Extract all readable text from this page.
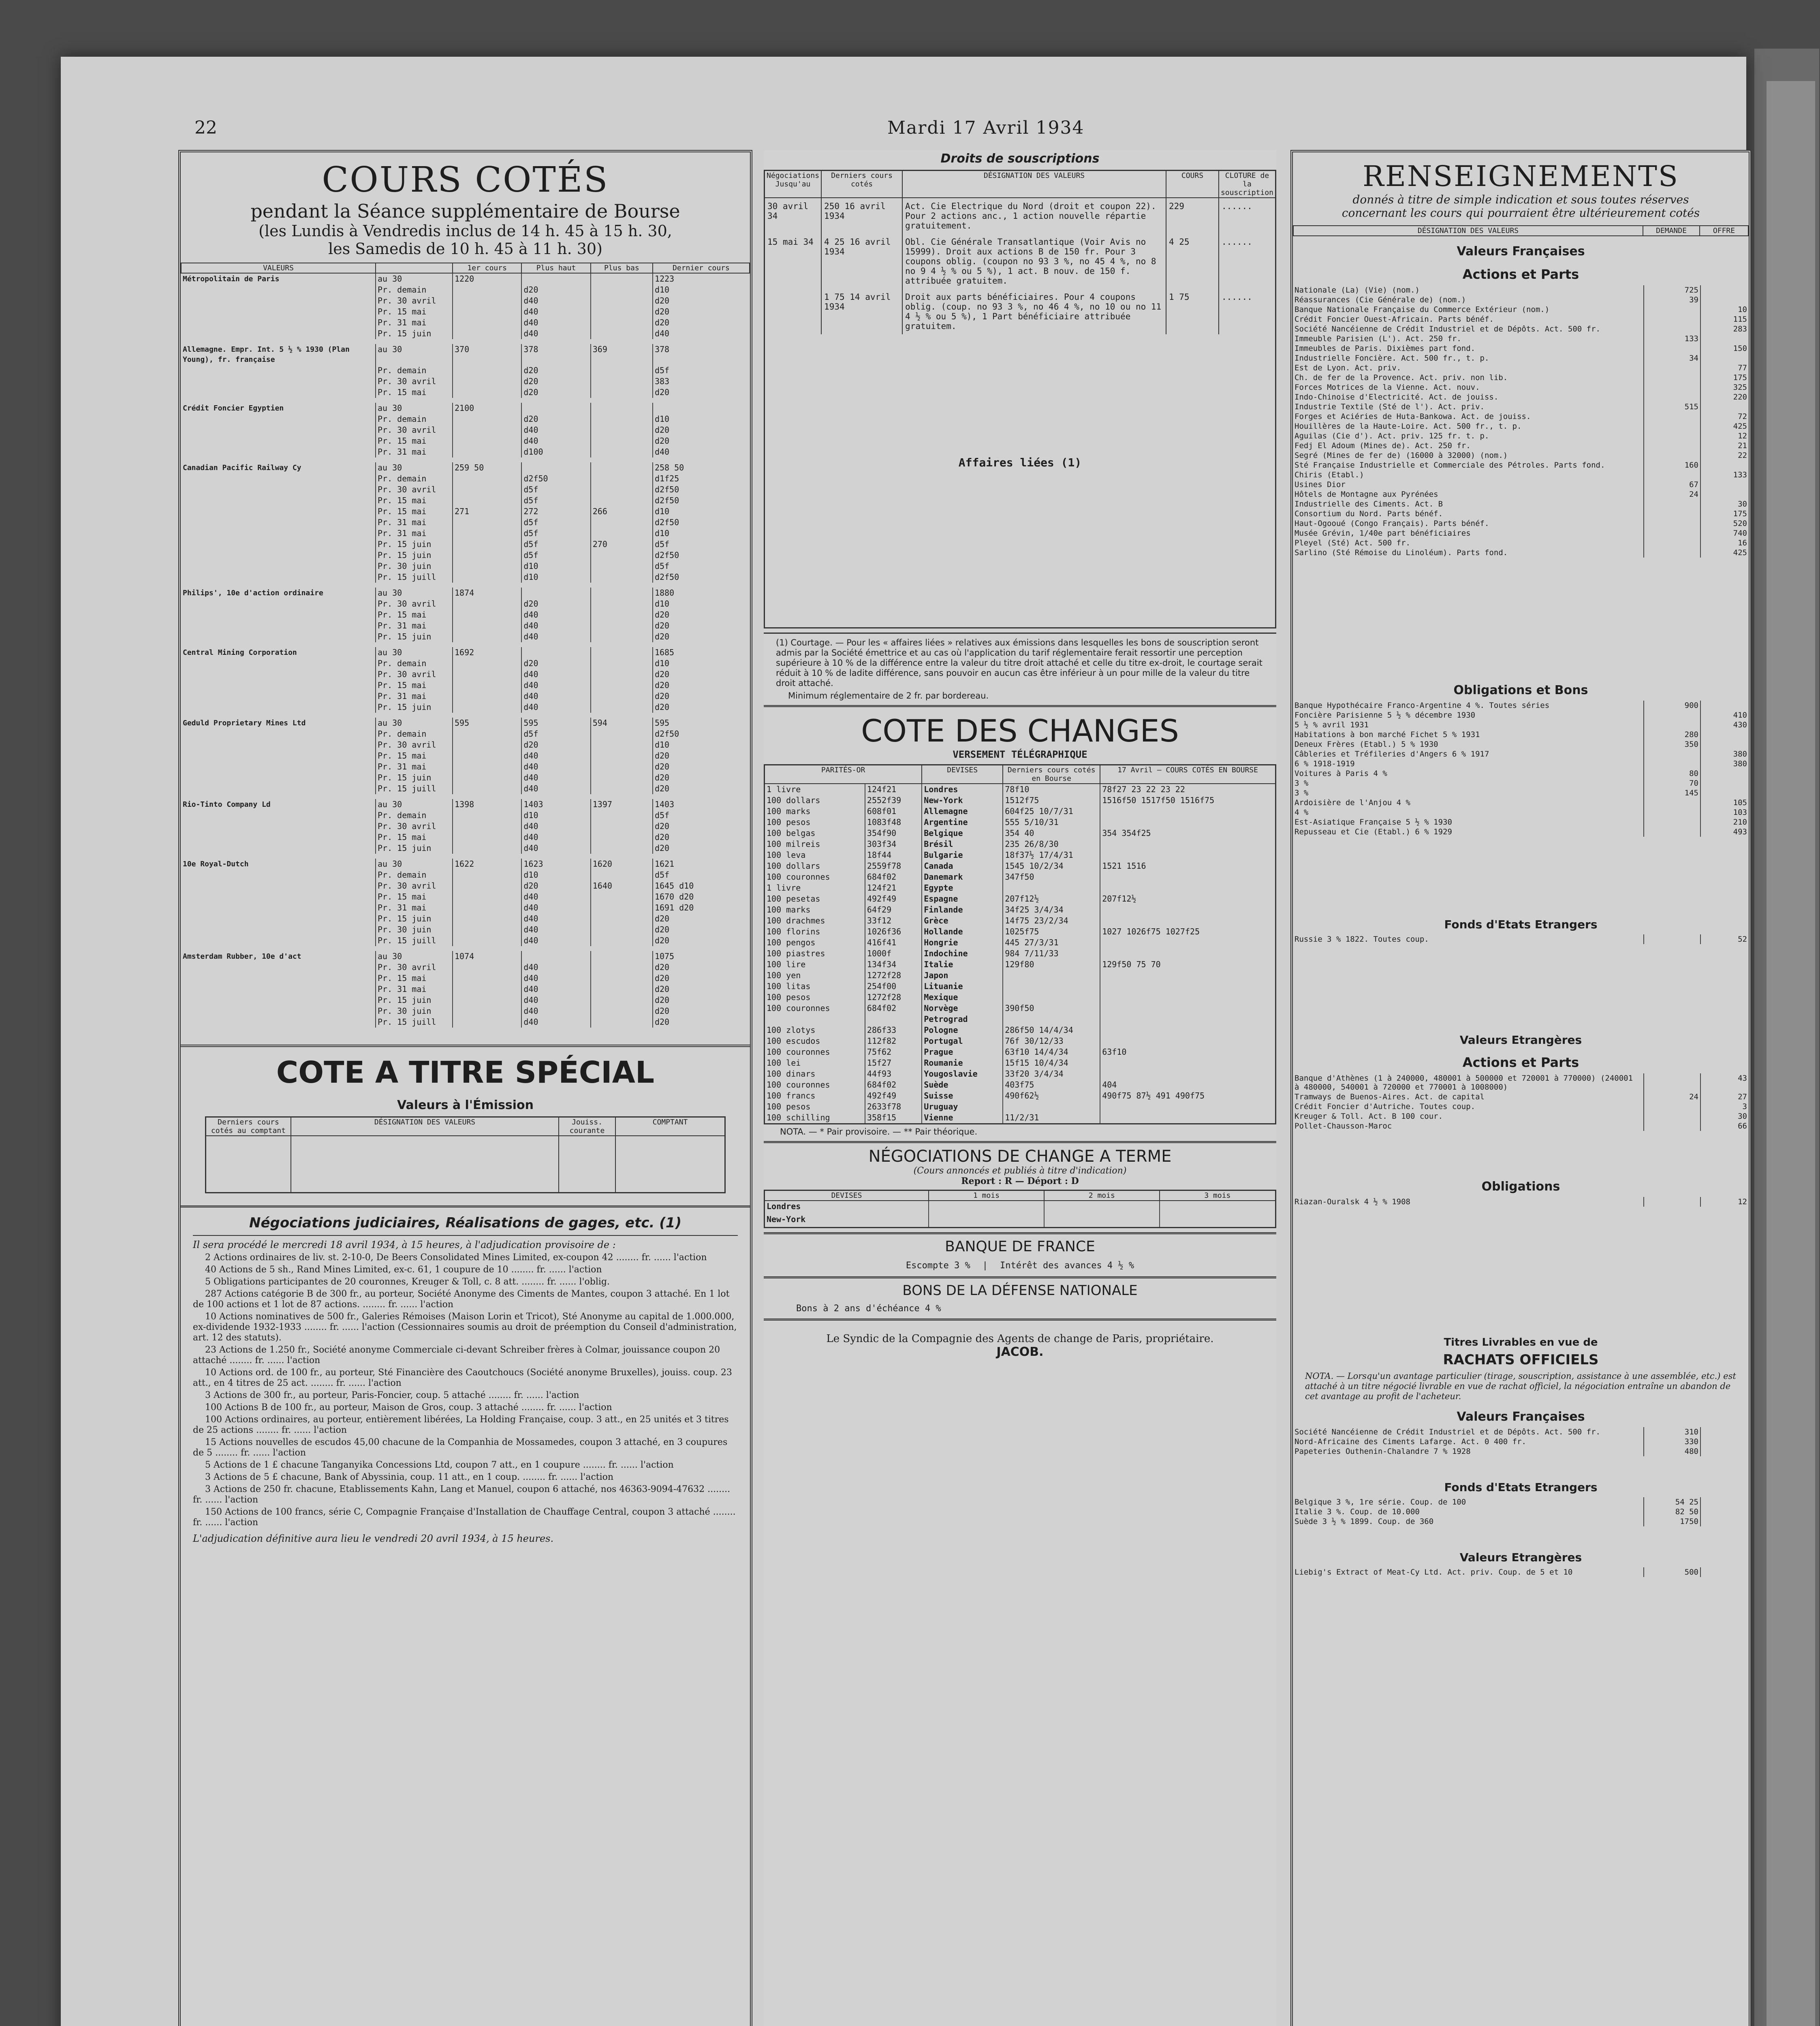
22	Mardi 17 Avril 1934
COURS COTÉS
pendant la Séance supplémentaire de Bourse
(les Lundis à Vendredis inclus de 14 h. 45 à 15 h. 30,
les Samedis de 10 h. 45 à 11 h. 30)
VALEURS		1er cours	Plus haut	Plus bas	Dernier cours
Métropolitain de Paris	au 30	1220			1223
	Pr. demain		d20		d10
	Pr. 30 avril		d40		d20
	Pr. 15 mai		d40		d20
	Pr. 31 mai		d40		d20
	Pr. 15 juin		d40		d40

Allemagne. Empr. Int. 5 ½ % 1930 (Plan Young), fr. française	au 30	370	378	369	378
	Pr. demain		d20		d5f
	Pr. 30 avril		d20		383
	Pr. 15 mai		d20		d20

Crédit Foncier Egyptien	au 30	2100			
	Pr. demain		d20		d10
	Pr. 30 avril		d40		d20
	Pr. 15 mai		d40		d20
	Pr. 31 mai		d100		d40

Canadian Pacific Railway Cy	au 30	259 50			258 50
	Pr. demain		d2f50		d1f25
	Pr. 30 avril		d5f		d2f50
	Pr. 15 mai		d5f		d2f50
	Pr. 15 mai	271	272	266	d10
	Pr. 31 mai		d5f		d2f50
	Pr. 31 mai		d5f		d10
	Pr. 15 juin		d5f	270	d5f
	Pr. 15 juin		d5f		d2f50
	Pr. 30 juin		d10		d5f
	Pr. 15 juill		d10		d2f50

Philips', 10e d'action ordinaire	au 30	1874			1880
	Pr. 30 avril		d20		d10
	Pr. 15 mai		d40		d20
	Pr. 31 mai		d40		d20
	Pr. 15 juin		d40		d20

Central Mining Corporation	au 30	1692			1685
	Pr. demain		d20		d10
	Pr. 30 avril		d40		d20
	Pr. 15 mai		d40		d20
	Pr. 31 mai		d40		d20
	Pr. 15 juin		d40		d20

Geduld Proprietary Mines Ltd	au 30	595	595	594	595
	Pr. demain		d5f		d2f50
	Pr. 30 avril		d20		d10
	Pr. 15 mai		d40		d20
	Pr. 31 mai		d40		d20
	Pr. 15 juin		d40		d20
	Pr. 15 juill		d40		d20

Rio-Tinto Company Ld	au 30	1398	1403	1397	1403
	Pr. demain		d10		d5f
	Pr. 30 avril		d40		d20
	Pr. 15 mai		d40		d20
	Pr. 15 juin		d40		d20

10e Royal-Dutch	au 30	1622	1623	1620	1621
	Pr. demain		d10		d5f
	Pr. 30 avril		d20	1640	1645 d10
	Pr. 15 mai		d40		1670 d20
	Pr. 31 mai		d40		1691 d20
	Pr. 15 juin		d40		d20
	Pr. 30 juin		d40		d20
	Pr. 15 juill		d40		d20

Amsterdam Rubber, 10e d'act	au 30	1074			1075
	Pr. 30 avril		d40		d20
	Pr. 15 mai		d40		d20
	Pr. 31 mai		d40		d20
	Pr. 15 juin		d40		d20
	Pr. 30 juin		d40		d20
	Pr. 15 juill		d40		d20

COTE A TITRE SPÉCIAL
Valeurs à l'Émission
Derniers cours cotés au comptant	DÉSIGNATION DES VALEURS	Jouiss. courante	COMPTANT

Négociations judiciaires, Réalisations de gages, etc. (1)
Il sera procédé le mercredi 18 avril 1934, à 15 heures, à l'adjudication provisoire de :
2 Actions ordinaires de liv. st. 2-10-0, De Beers Consolidated Mines Limited, ex-coupon 42 ........ fr. ...... l'action
40 Actions de 5 sh., Rand Mines Limited, ex-c. 61, 1 coupure de 10 ........ fr. ...... l'action
5 Obligations participantes de 20 couronnes, Kreuger & Toll, c. 8 att. ........ fr. ...... l'oblig.
287 Actions catégorie B de 300 fr., au porteur, Société Anonyme des Ciments de Mantes, coupon 3 attaché. En 1 lot de 100 actions et 1 lot de 87 actions. ........ fr. ...... l'action
10 Actions nominatives de 500 fr., Galeries Rémoises (Maison Lorin et Tricot), Sté Anonyme au capital de 1.000.000, ex-dividende 1932-1933 ........ fr. ...... l'action (Cessionnaires soumis au droit de préemption du Conseil d'administration, art. 12 des statuts).
23 Actions de 1.250 fr., Société anonyme Commerciale ci-devant Schreiber frères à Colmar, jouissance coupon 20 attaché ........ fr. ...... l'action
10 Actions ord. de 100 fr., au porteur, Sté Financière des Caoutchoucs (Société anonyme Bruxelles), jouiss. coup. 23 att., en 4 titres de 25 act. ........ fr. ...... l'action
3 Actions de 300 fr., au porteur, Paris-Foncier, coup. 5 attaché ........ fr. ...... l'action
100 Actions B de 100 fr., au porteur, Maison de Gros, coup. 3 attaché ........ fr. ...... l'action
100 Actions ordinaires, au porteur, entièrement libérées, La Holding Française, coup. 3 att., en 25 unités et 3 titres de 25 actions ........ fr. ...... l'action
15 Actions nouvelles de escudos 45,00 chacune de la Companhia de Mossamedes, coupon 3 attaché, en 3 coupures de 5 ........ fr. ...... l'action
5 Actions de 1 £ chacune Tanganyika Concessions Ltd, coupon 7 att., en 1 coupure ........ fr. ...... l'action
3 Actions de 5 £ chacune, Bank of Abyssinia, coup. 11 att., en 1 coup. ........ fr. ...... l'action
3 Actions de 250 fr. chacune, Etablissements Kahn, Lang et Manuel, coupon 6 attaché, nos 46363-9094-47632 ........ fr. ...... l'action
150 Actions de 100 francs, série C, Compagnie Française d'Installation de Chauffage Central, coupon 3 attaché ........ fr. ...... l'action
L'adjudication définitive aura lieu le vendredi 20 avril 1934, à 15 heures.
Droits de souscriptions
Négociations Jusqu'au	Derniers cours cotés	DÉSIGNATION DES VALEURS	COURS	CLOTURE de la souscription
30 avril 34	250 16 avril 1934	Act. Cie Electrique du Nord (droit et coupon 22). Pour 2 actions anc., 1 action nouvelle répartie gratuitement.	229	......
15 mai 34	4 25 16 avril 1934	Obl. Cie Générale Transatlantique (Voir Avis no 15999). Droit aux actions B de 150 fr. Pour 3 coupons oblig. (coupon no 93 3 %, no 45 4 %, no 8 no 9 4 ½ % ou 5 %), 1 act. B nouv. de 150 f. attribuée gratuitem.	4 25	......
	1 75 14 avril 1934	Droit aux parts bénéficiaires. Pour 4 coupons oblig. (coup. no 93 3 %, no 46 4 %, no 10 ou no 11 4 ½ % ou 5 %), 1 Part bénéficiaire attribuée gratuitem.	1 75	......
Affaires liées (1)				
(1) Courtage. — Pour les « affaires liées » relatives aux émissions dans lesquelles les bons de souscription seront admis par la Société émettrice et au cas où l'application du tarif réglementaire ferait ressortir une perception supérieure à 10 % de la différence entre la valeur du titre droit attaché et celle du titre ex-droit, le courtage serait réduit à 10 % de ladite différence, sans pouvoir en aucun cas être inférieur à un pour mille de la valeur du titre droit attaché.
Minimum réglementaire de 2 fr. par bordereau.
COTE DES CHANGES
VERSEMENT TÉLÉGRAPHIQUE
PARITÉS-OR		DEVISES	Derniers cours cotés en Bourse	17 Avril — COURS COTÉS EN BOURSE
1 livre	124f21	Londres	78f10	78f27 23 22 23 22
100 dollars	2552f39	New-York	1512f75	1516f50 1517f50 1516f75
100 marks	608f01	Allemagne	604f25 10/7/31	
100 pesos	1083f48	Argentine	555 5/10/31	
100 belgas	354f90	Belgique	354 40	354 354f25
100 milreis	303f34	Brésil	235 26/8/30	
100 leva	18f44	Bulgarie	18f37½ 17/4/31	
100 dollars	2559f78	Canada	1545 10/2/34	1521 1516
100 couronnes	684f02	Danemark	347f50	
1 livre	124f21	Egypte		
100 pesetas	492f49	Espagne	207f12½	207f12½
100 marks	64f29	Finlande	34f25 3/4/34	
100 drachmes	33f12	Grèce	14f75 23/2/34	
100 florins	1026f36	Hollande	1025f75	1027 1026f75 1027f25
100 pengos	416f41	Hongrie	445 27/3/31	
100 piastres	1000f	Indochine	984 7/11/33	
100 lire	134f34	Italie	129f80	129f50 75 70
100 yen	1272f28	Japon		
100 litas	254f00	Lituanie		
100 pesos	1272f28	Mexique		
100 couronnes	684f02	Norvège	390f50	
		Petrograd		
100 zlotys	286f33	Pologne	286f50 14/4/34	
100 escudos	112f82	Portugal	76f 30/12/33	
100 couronnes	75f62	Prague	63f10 14/4/34	63f10
100 lei	15f27	Roumanie	15f15 10/4/34	
100 dinars	44f93	Yougoslavie	33f20 3/4/34	
100 couronnes	684f02	Suède	403f75	404
100 francs	492f49	Suisse	490f62½	490f75 87½ 491 490f75
100 pesos	2633f78	Uruguay		
100 schilling	358f15	Vienne	11/2/31	
NOTA. — * Pair provisoire. — ** Pair théorique.
NÉGOCIATIONS DE CHANGE A TERME
(Cours annoncés et publiés à titre d'indication)
Report : R — Déport : D
DEVISES	1 mois	2 mois	3 mois
Londres			
New-York			
BANQUE DE FRANCE
Escompte 3 % | Intérêt des avances 4 ½ %
BONS DE LA DÉFENSE NATIONALE
Bons à 2 ans d'échéance 4 %
Le Syndic de la Compagnie des Agents de change de Paris, propriétaire.
JACOB.
RENSEIGNEMENTS
donnés à titre de simple indication et sous toutes réserves
concernant les cours qui pourraient être ultérieurement cotés
DÉSIGNATION DES VALEURS	DEMANDE	OFFRE
Valeurs Françaises
Actions et Parts
Nationale (La) (Vie) (nom.)	725	
Réassurances (Cie Générale de) (nom.)	39	
Banque Nationale Française du Commerce Extérieur (nom.)		10
Crédit Foncier Ouest-Africain. Parts bénéf.		115
Société Nancéienne de Crédit Industriel et de Dépôts. Act. 500 fr.		283
Immeuble Parisien (L'). Act. 250 fr.	133	
Immeubles de Paris. Dixièmes part fond.		150
Industrielle Foncière. Act. 500 fr., t. p.	34	
Est de Lyon. Act. priv.		77
Ch. de fer de la Provence. Act. priv. non lib.		175
Forces Motrices de la Vienne. Act. nouv.		325
Indo-Chinoise d'Electricité. Act. de jouiss.		220
Industrie Textile (Sté de l'). Act. priv.	515	
Forges et Aciéries de Huta-Bankowa. Act. de jouiss.		72
Houillères de la Haute-Loire. Act. 500 fr., t. p.		425
Aguilas (Cie d'). Act. priv. 125 fr. t. p.		12
Fedj El Adoum (Mines de). Act. 250 fr.		21
Segré (Mines de fer de) (16000 à 32000) (nom.)		22
Sté Française Industrielle et Commerciale des Pétroles. Parts fond.	160	
Chiris (Etabl.)		133
Usines Dior	67	
Hôtels de Montagne aux Pyrénées	24	
Industrielle des Ciments. Act. B		30
Consortium du Nord. Parts bénéf.		175
Haut-Ogooué (Congo Français). Parts bénéf.		520
Musée Grévin, 1/40e part bénéficiaires		740
Pleyel (Sté) Act. 500 fr.		16
Sarlino (Sté Rémoise du Linoléum). Parts fond.		425
Obligations et Bons
Banque Hypothécaire Franco-Argentine 4 %. Toutes séries	900	
Foncière Parisienne 5 ½ % décembre 1930		410
5 ½ % avril 1931		430
Habitations à bon marché Fichet 5 % 1931	280	
Deneux Frères (Etabl.) 5 % 1930	350	
Câbleries et Tréfileries d'Angers 6 % 1917		380
6 % 1918-1919		380
Voitures à Paris 4 %	80	
3 %	70	
3 %	145	
Ardoisière de l'Anjou 4 %		105
4 %		103
Est-Asiatique Française 5 ½ % 1930		210
Repusseau et Cie (Etabl.) 6 % 1929		493
Fonds d'Etats Etrangers
Russie 3 % 1822. Toutes coup.		52
Valeurs Etrangères
Actions et Parts
Banque d'Athènes (1 à 240000, 480001 à 500000 et 720001 à 770000) (240001 à 480000, 540001 à 720000 et 770001 à 1008000)		43
Tramways de Buenos-Aires. Act. de capital	24	27
Crédit Foncier d'Autriche. Toutes coup.		3
Kreuger & Toll. Act. B 100 cour.		30
Pollet-Chausson-Maroc		66
Obligations
Riazan-Ouralsk 4 ½ % 1908		12
Titres Livrables en vue de
RACHATS OFFICIELS
NOTA. — Lorsqu'un avantage particulier (tirage, souscription, assistance à une assemblée, etc.) est attaché à un titre négocié livrable en vue de rachat officiel, la négociation entraîne un abandon de cet avantage au profit de l'acheteur.
Valeurs Françaises
Société Nancéienne de Crédit Industriel et de Dépôts. Act. 500 fr.	310	
Nord-Africaine des Ciments Lafarge. Act. 0 400 fr.	330	
Papeteries Outhenin-Chalandre 7 % 1928	480	
Fonds d'Etats Etrangers
Belgique 3 %, 1re série. Coup. de 100	54 25	
Italie 3 %. Coup. de 10.000	82 50	
Suède 3 ½ % 1899. Coup. de 360	1750	
Valeurs Etrangères
Liebig's Extract of Meat-Cy Ltd. Act. priv. Coup. de 5 et 10	500	
